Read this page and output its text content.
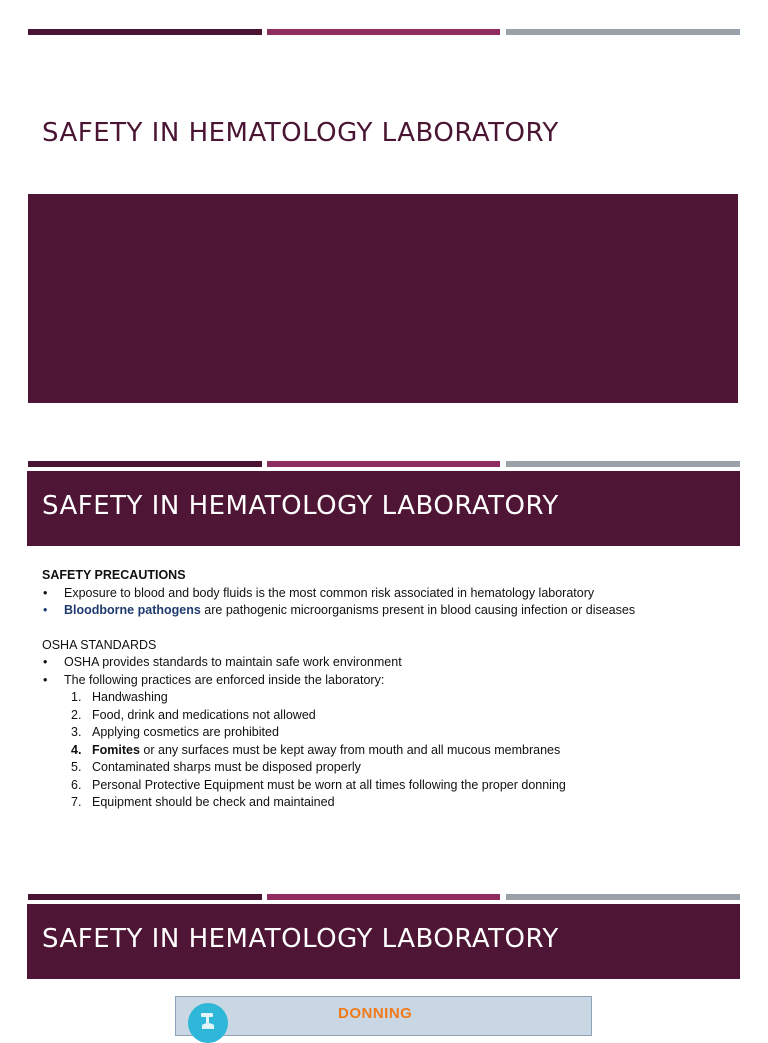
SAFETY IN HEMATOLOGY LABORATORY
SAFETY IN HEMATOLOGY LABORATORY
SAFETY PRECAUTIONS
• Exposure to blood and body fluids is the most common risk associated in hematology laboratory
• Bloodborne pathogens are pathogenic microorganisms present in blood causing infection or diseases
OSHA STANDARDS
• OSHA provides standards to maintain safe work environment
• The following practices are enforced inside the laboratory:
1. Handwashing
2. Food, drink and medications not allowed
3. Applying cosmetics are prohibited
4. Fomites or any surfaces must be kept away from mouth and all mucous membranes
5. Contaminated sharps must be disposed properly
6. Personal Protective Equipment must be worn at all times following the proper donning
7. Equipment should be check and maintained
SAFETY IN HEMATOLOGY LABORATORY
DONNING
